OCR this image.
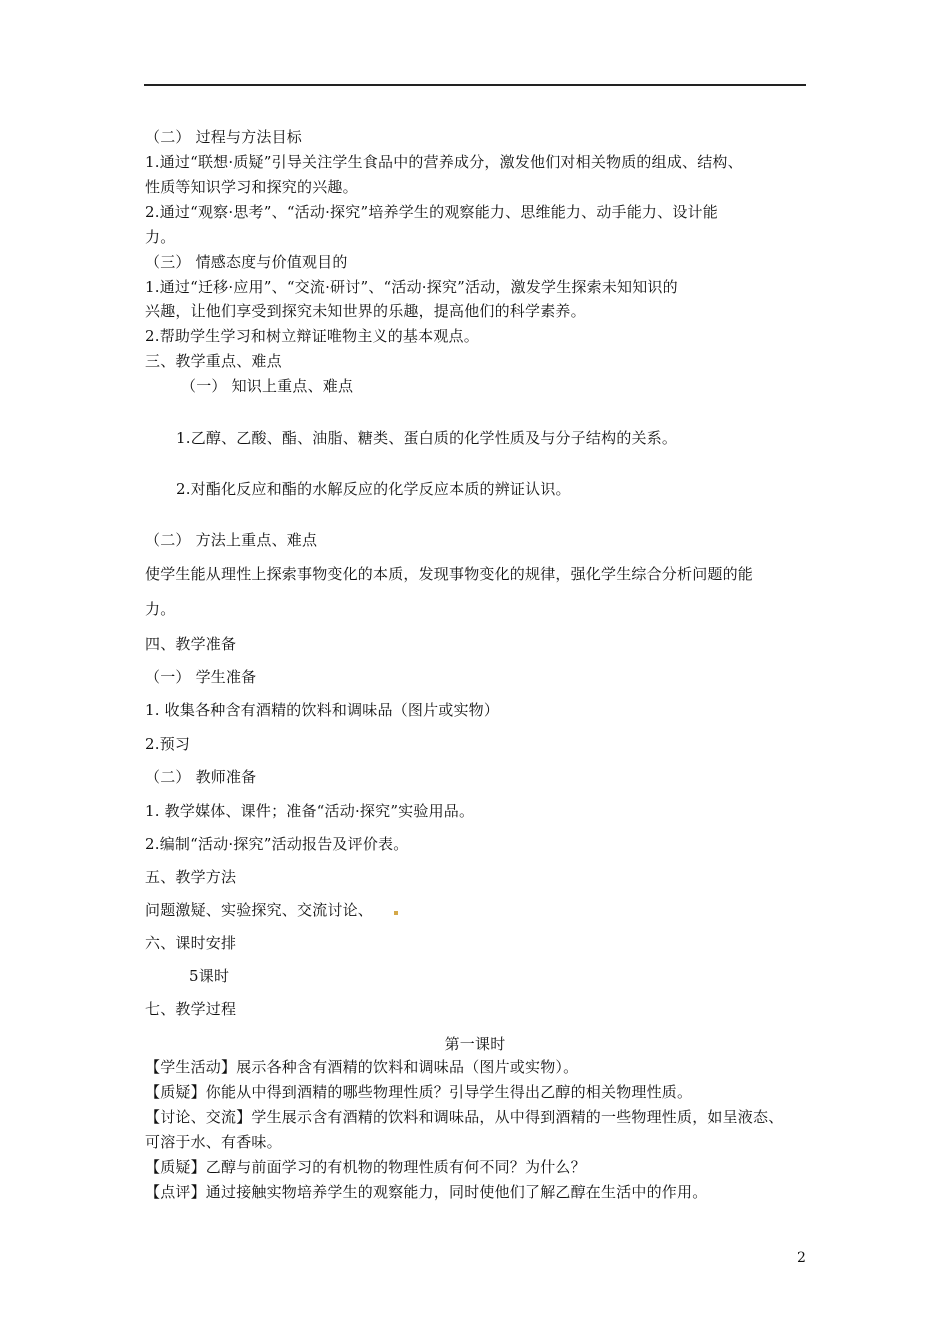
（二） 过程与方法目标
1.通过“联想·质疑”引导关注学生食品中的营养成分，激发他们对相关物质的组成、结构、
性质等知识学习和探究的兴趣。
2.通过“观察·思考”、“活动·探究”培养学生的观察能力、思维能力、动手能力、设计能
力。
（三） 情感态度与价值观目的
1.通过“迁移·应用”、“交流·研讨”、“活动·探究”活动，激发学生探索未知知识的
兴趣，让他们享受到探究未知世界的乐趣，提高他们的科学素养。
2.帮助学生学习和树立辩证唯物主义的基本观点。
三、教学重点、难点
（一） 知识上重点、难点
1.乙醇、乙酸、酯、油脂、糖类、蛋白质的化学性质及与分子结构的关系。
2.对酯化反应和酯的水解反应的化学反应本质的辨证认识。
（二） 方法上重点、难点
使学生能从理性上探索事物变化的本质，发现事物变化的规律，强化学生综合分析问题的能
力。
四、教学准备
（一） 学生准备
1. 收集各种含有酒精的饮料和调味品（图片或实物）
2.预习
（二） 教师准备
1. 教学媒体、课件；准备“活动·探究”实验用品。
2.编制“活动·探究”活动报告及评价表。
五、教学方法
问题激疑、实验探究、交流讨论、
六、课时安排
5课时
七、教学过程
第一课时
【学生活动】展示各种含有酒精的饮料和调味品（图片或实物）。
【质疑】你能从中得到酒精的哪些物理性质？引导学生得出乙醇的相关物理性质。
【讨论、交流】学生展示含有酒精的饮料和调味品，从中得到酒精的一些物理性质，如呈液态、
可溶于水、有香味。
【质疑】乙醇与前面学习的有机物的物理性质有何不同？为什么？
【点评】通过接触实物培养学生的观察能力，同时使他们了解乙醇在生活中的作用。
2
